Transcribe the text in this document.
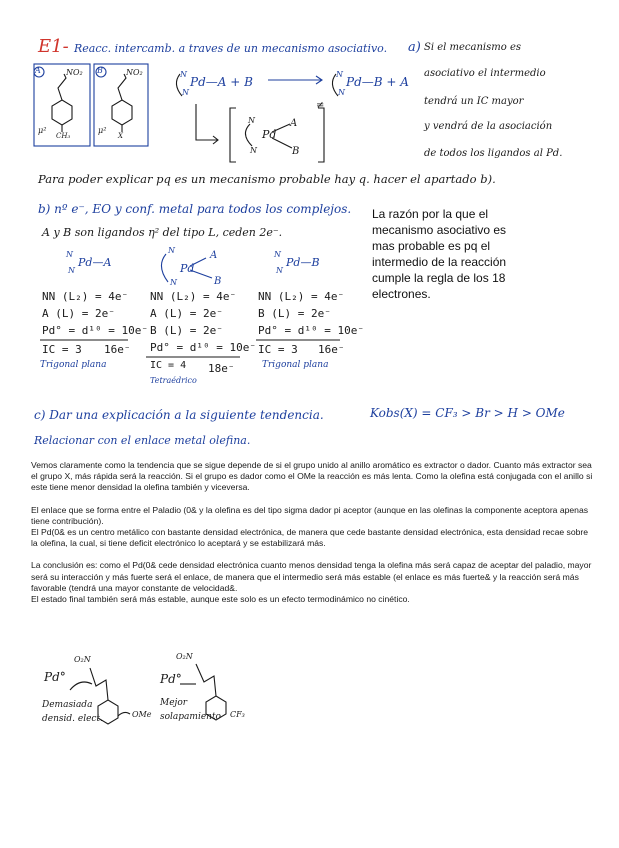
E1- Reacc. intercamb. a traves de un mecanismo asociativo. a) Si el mecanismo es
asociativo el intermedio
tendrá un IC mayor
y vendrá de la asociación
de todos los ligandos al Pd.
A	B
NO₂	NO₂
CH₃	X
μ²	μ²
N
N
Pd—A + B
N
N
Pd—B + A
N
N
Pd
A
B
≠
Para poder explicar pq es un mecanismo probable hay q. hacer el apartado b).
b) nº e⁻, EO y conf. metal para todos los complejos.
A y B son ligandos η² del tipo L, ceden 2e⁻.
La razón por la que el mecanismo asociativo es mas probable es pq el intermedio de la reacción cumple la regla de los 18 electrones.
N
N
Pd—A
NN (L₂) = 4e⁻
A (L) = 2e⁻
Pd° = d¹⁰ = 10e⁻
IC = 3 16e⁻
Trigonal plana
N
N
Pd
A
B
NN (L₂) = 4e⁻
A (L) = 2e⁻
B (L) = 2e⁻
Pd° = d¹⁰ = 10e⁻
IC = 4 18e⁻
Tetraédrico
N
N
Pd—B
NN (L₂) = 4e⁻
B (L) = 2e⁻
Pd° = d¹⁰ = 10e⁻
IC = 3 16e⁻
Trigonal plana
c) Dar una explicación a la siguiente tendencia.	Kobs(X) = CF₃ > Br > H > OMe
Relacionar con el enlace metal olefina.

Vemos claramente como la tendencia que se sigue depende de si el grupo unido al anillo aromático es extractor o dador. Cuanto más extractor sea el grupo X, más rápida será la reacción. Si el grupo es dador como el OMe la reacción es más lenta. Como la olefina está conjugada con el anillo si este tiene menor densidad la olefina también y viceversa.

El enlace que se forma entre el Paladio (0& y la olefina es del tipo sigma dador pi aceptor (aunque en las olefinas la componente aceptora apenas tiene contribución).
El Pd(0& es un centro metálico con bastante densidad electrónica, de manera que cede bastante densidad electrónica, esta densidad recae sobre la olefina, la cual, si tiene deficit electrónico lo aceptará y se estabilizará más.

La conclusión es: como el Pd(0& cede densidad electrónica cuanto menos densidad tenga la olefina más será capaz de aceptar del paladio, mayor será su interacción y más fuerte será el enlace, de manera que el intermedio será más estable (el enlace es más fuerte& y la reacción será más favorable (tendrá una mayor constante de velocidad&.
El estado final también será más estable, aunque este solo es un efecto termodinámico no cinético.

Pd°
O₂N
OMe
Demasiada
densid. elect.
Pd°
O₂N
CF₃
Mejor
solapamiento
